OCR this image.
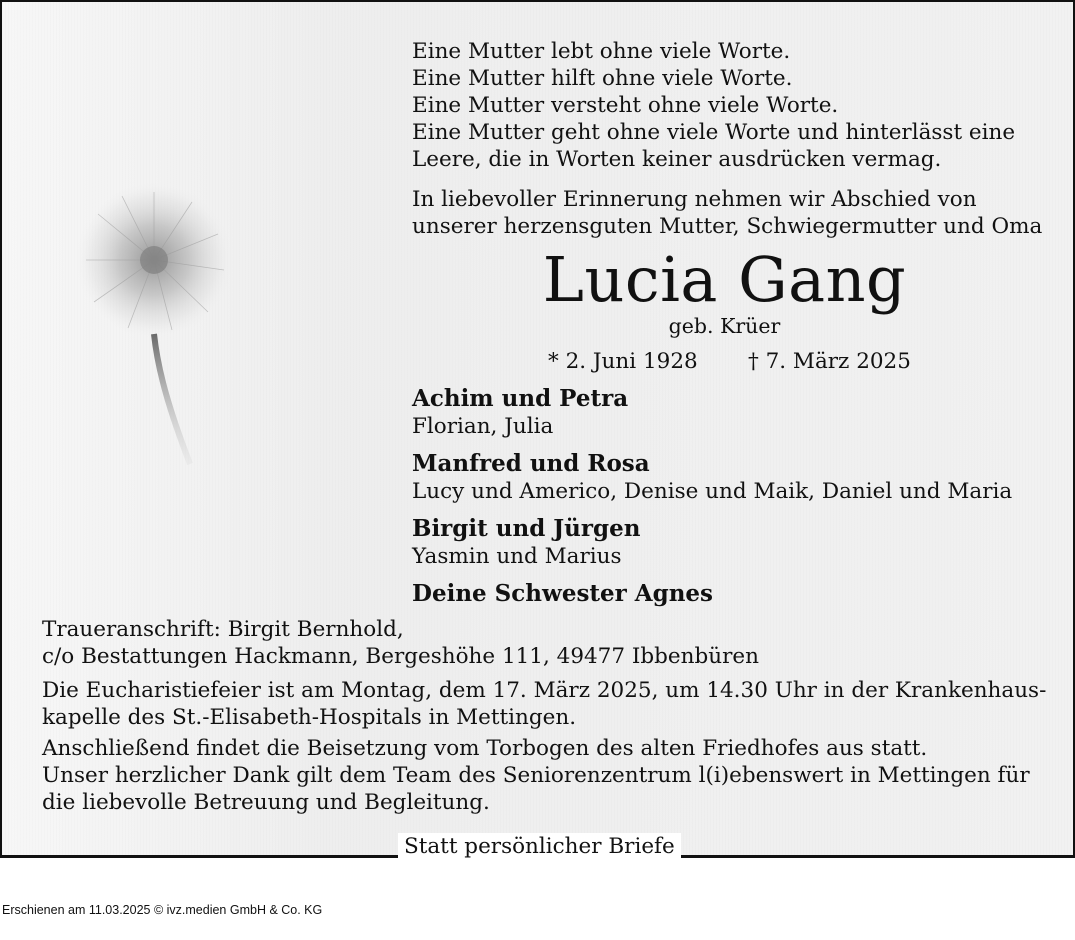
Eine Mutter lebt ohne viele Worte.
Eine Mutter hilft ohne viele Worte.
Eine Mutter versteht ohne viele Worte.
Eine Mutter geht ohne viele Worte und hinterlässt eine
Leere, die in Worten keiner ausdrücken vermag.
In liebevoller Erinnerung nehmen wir Abschied von
unserer herzensguten Mutter, Schwiegermutter und Oma
Lucia Gang
geb. Krüer
* 2. Juni 1928 † 7. März 2025
Achim und Petra
Florian, Julia
Manfred und Rosa
Lucy und Americo, Denise und Maik, Daniel und Maria
Birgit und Jürgen
Yasmin und Marius
Deine Schwester Agnes
Traueranschrift: Birgit Bernhold,
c/o Bestattungen Hackmann, Bergeshöhe 111, 49477 Ibbenbüren
Die Eucharistiefeier ist am Montag, dem 17. März 2025, um 14.30 Uhr in der Krankenhaus-
kapelle des St.-Elisabeth-Hospitals in Mettingen.
Anschließend findet die Beisetzung vom Torbogen des alten Friedhofes aus statt.
Unser herzlicher Dank gilt dem Team des Seniorenzentrum l(i)ebenswert in Mettingen für
die liebevolle Betreuung und Begleitung.
Statt persönlicher Briefe
Erschienen am 11.03.2025 © ivz.medien GmbH & Co. KG
